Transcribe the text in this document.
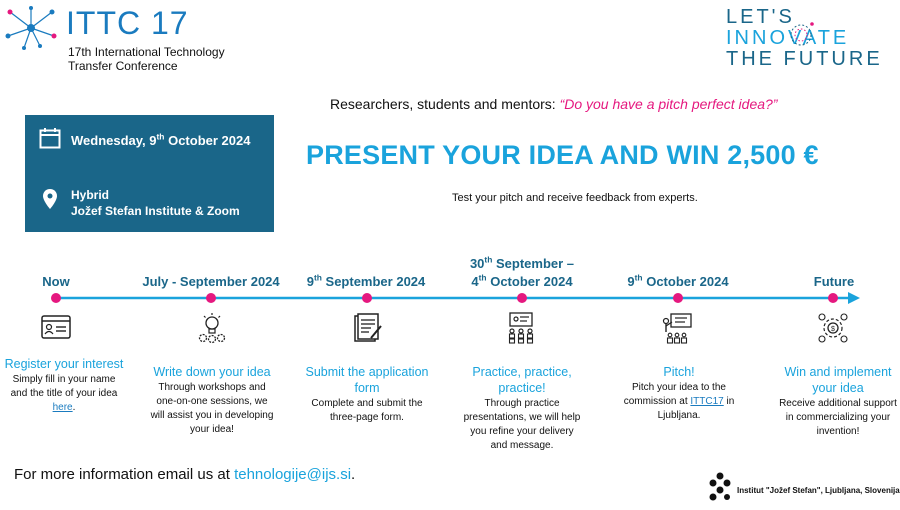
ITTC 17
17th International Technology
Transfer Conference
LET'S
INNOVATE
THE FUTURE
Researchers, students and mentors: “Do you have a pitch perfect idea?”
Wednesday, 9th October 2024
Hybrid
Jožef Stefan Institute & Zoom
PRESENT YOUR IDEA AND WIN 2,500 €
Test your pitch and receive feedback from experts.
Now	July - September 2024	9th September 2024
30th September –
4th October 2024	9th October 2024	Future
$
Register your interest
Simply fill in your name
and the title of your idea
here.
Write down your idea
Through workshops and one-on-one sessions, we will assist you in developing your idea!
Submit the application form
Complete and submit the three-page form.
Practice, practice, practice!
Through practice presentations, we will help you refine your delivery and message.
Pitch!
Pitch your idea to the commission at ITTC17 in Ljubljana.
Win and implement your idea
Receive additional support in commercializing your invention!
For more information email us at tehnologije@ijs.si.
Institut "Jožef Stefan", Ljubljana, Slovenija
